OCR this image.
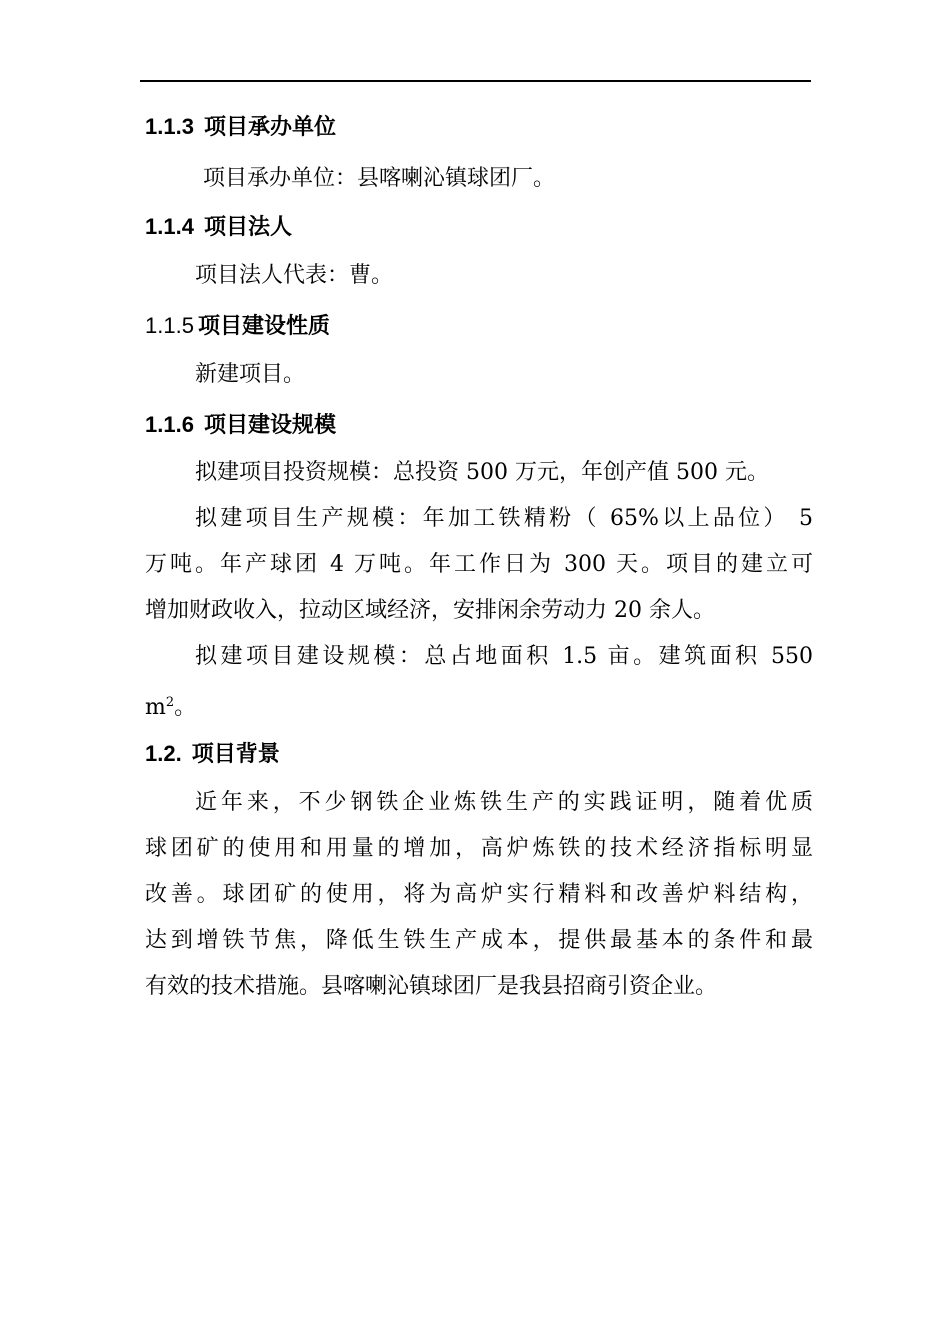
1.1.3 项目承办单位
项目承办单位：县喀喇沁镇球团厂。
1.1.4 项目法人
项目法人代表：曹。
1.1.5 项目建设性质
新建项目。
1.1.6 项目建设规模
拟建项目投资规模：总投资 500 万元，年创产值 500 元。
拟建项目生产规模：年加工铁精粉（ 65%以上品位） 5
万吨。年产球团 4 万吨。年工作日为 300 天。项目的建立可
增加财政收入，拉动区域经济，安排闲余劳动力 20 余人。
拟建项目建设规模：总占地面积 1.5 亩。建筑面积 550
$m^2$。
1.2. 项目背景
近年来，不少钢铁企业炼铁生产的实践证明，随着优质
球团矿的使用和用量的增加，高炉炼铁的技术经济指标明显
改善。球团矿的使用，将为高炉实行精料和改善炉料结构，
达到增铁节焦，降低生铁生产成本，提供最基本的条件和最
有效的技术措施。县喀喇沁镇球团厂是我县招商引资企业。
